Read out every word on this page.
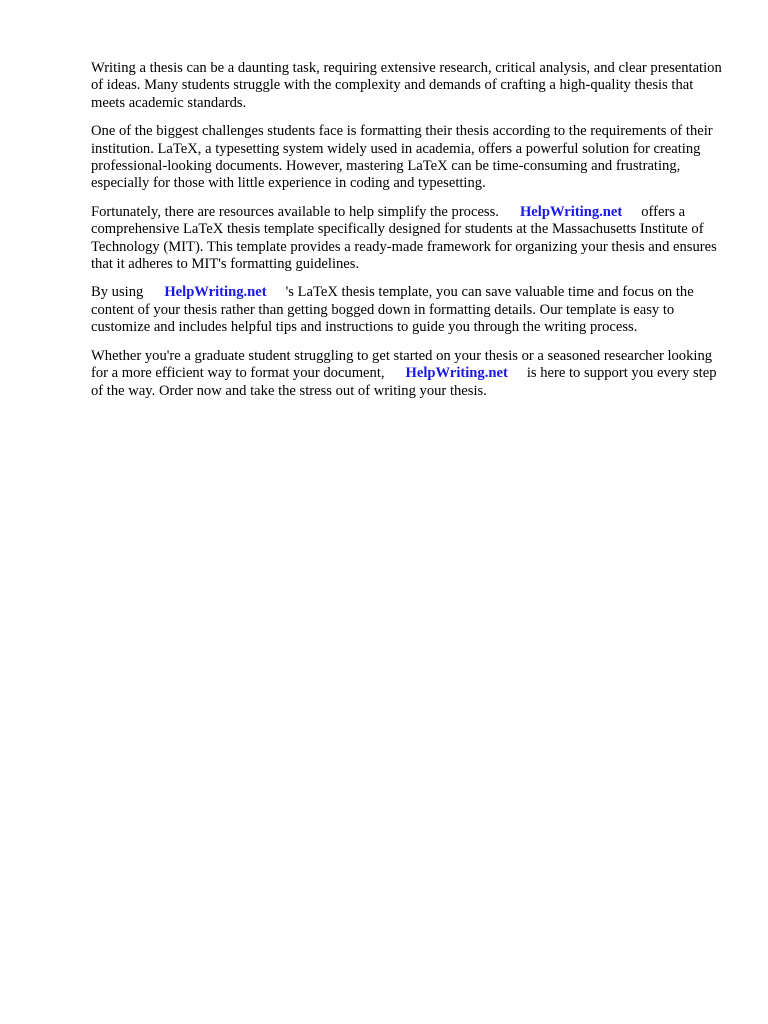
Writing a thesis can be a daunting task, requiring extensive research, critical analysis, and clear presentation of ideas. Many students struggle with the complexity and demands of crafting a high-quality thesis that meets academic standards.

One of the biggest challenges students face is formatting their thesis according to the requirements of their institution. LaTeX, a typesetting system widely used in academia, offers a powerful solution for creating professional-looking documents. However, mastering LaTeX can be time-consuming and frustrating, especially for those with little experience in coding and typesetting.

Fortunately, there are resources available to help simplify the process. HelpWriting.net offers a comprehensive LaTeX thesis template specifically designed for students at the Massachusetts Institute of Technology (MIT). This template provides a ready-made framework for organizing your thesis and ensures that it adheres to MIT's formatting guidelines.

By using HelpWriting.net 's LaTeX thesis template, you can save valuable time and focus on the content of your thesis rather than getting bogged down in formatting details. Our template is easy to customize and includes helpful tips and instructions to guide you through the writing process.

Whether you're a graduate student struggling to get started on your thesis or a seasoned researcher looking for a more efficient way to format your document, HelpWriting.net is here to support you every step of the way. Order now and take the stress out of writing your thesis.
